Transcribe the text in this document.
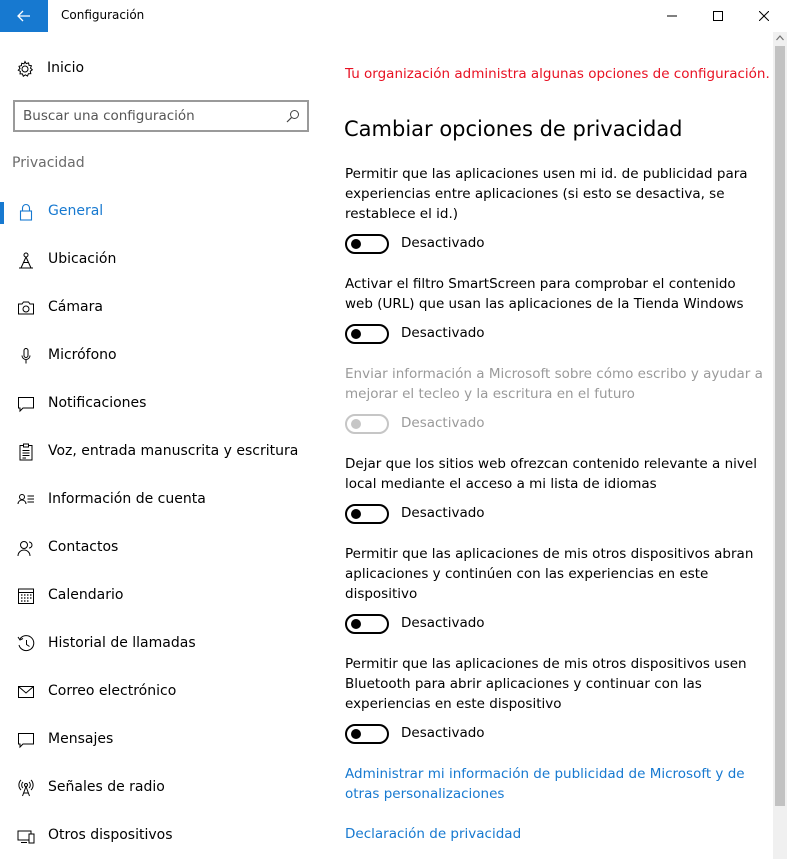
Configuración
Inicio
Buscar una configuración
Privacidad
General
Ubicación
Cámara
Micrófono
Notificaciones
Voz, entrada manuscrita y escritura
Información de cuenta
Contactos
Calendario
Historial de llamadas
Correo electrónico
Mensajes
Señales de radio
Otros dispositivos
Tu organización administra algunas opciones de configuración.
Cambiar opciones de privacidad
Permitir que las aplicaciones usen mi id. de publicidad para
experiencias entre aplicaciones (si esto se desactiva, se
restablece el id.)
Desactivado
Activar el filtro SmartScreen para comprobar el contenido
web (URL) que usan las aplicaciones de la Tienda Windows
Desactivado
Enviar información a Microsoft sobre cómo escribo y ayudar a
mejorar el tecleo y la escritura en el futuro
Desactivado
Dejar que los sitios web ofrezcan contenido relevante a nivel
local mediante el acceso a mi lista de idiomas
Desactivado
Permitir que las aplicaciones de mis otros dispositivos abran
aplicaciones y continúen con las experiencias en este
dispositivo
Desactivado
Permitir que las aplicaciones de mis otros dispositivos usen
Bluetooth para abrir aplicaciones y continuar con las
experiencias en este dispositivo
Desactivado
Administrar mi información de publicidad de Microsoft y de
otras personalizaciones
Declaración de privacidad
